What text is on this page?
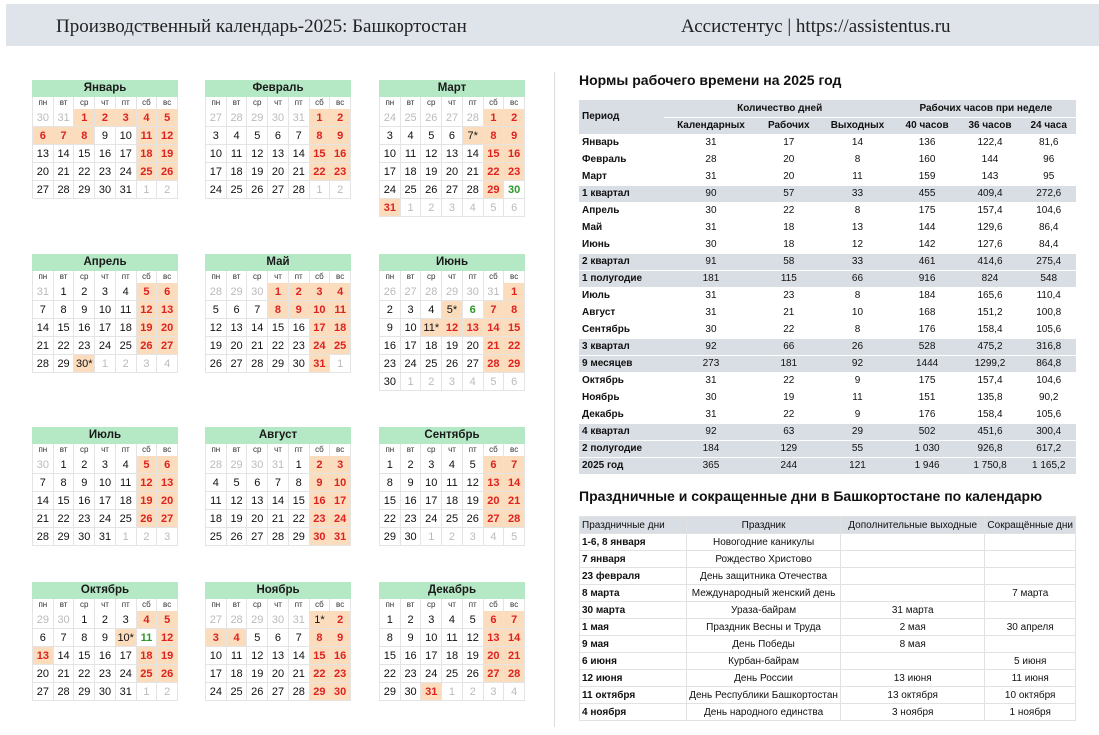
Производственный календарь-2025: Башкортостан	Ассистентус | https://assistentus.ru
Январь
пн	вт	ср	чт	пт	сб	вс
30 31	1	2	3	4	5
6	7	8	9	10 11 12
13 14 15 16 17 18 19
20 21 22 23 24 25 26
27 28 29 30 31	1	2
Февраль
пн	вт	ср	чт	пт	сб	вс
27 28 29 30 31	1	2
3	4	5	6	7	8	9
10 11 12 13 14 15 16
17 18 19 20 21 22 23
24 25 26 27 28	1	2
Март
пн	вт	ср	чт	пт	сб	вс
24 25 26 27 28	1	2
3	4	5	6	7*	8	9
10 11 12 13 14 15 16
17 18 19 20 21 22 23
24 25 26 27 28 29 30
31	1	2	3	4	5	6
Апрель
пн	вт	ср	чт	пт	сб	вс
31	1	2	3	4	5	6
7	8	9	10 11 12 13
14 15 16 17 18 19 20
21 22 23 24 25 26 27
28 29 30* 1	2	3	4
Май
пн	вт	ср	чт	пт	сб	вс
28 29 30	1	2	3	4
5	6	7	8	9	10 11
12 13 14 15 16 17 18
19 20 21 22 23 24 25
26 27 28 29 30 31	1
Июнь
пн	вт	ср	чт	пт	сб	вс
26 27 28 29 30 31	1
2	3	4	5*	6	7	8
9	10 11* 12 13 14 15
16 17 18 19 20 21 22
23 24 25 26 27 28 29
30	1	2	3	4	5	6
Июль
пн	вт	ср	чт	пт	сб	вс
30	1	2	3	4	5	6
7	8	9	10 11 12 13
14 15 16 17 18 19 20
21 22 23 24 25 26 27
28 29 30 31	1	2	3
Август
пн	вт	ср	чт	пт	сб	вс
28 29 30 31	1	2	3
4	5	6	7	8	9	10
11 12 13 14 15 16 17
18 19 20 21 22 23 24
25 26 27 28 29 30 31
Сентябрь
пн	вт	ср	чт	пт	сб	вс
1	2	3	4	5	6	7
8	9	10 11 12 13 14
15 16 17 18 19 20 21
22 23 24 25 26 27 28
29 30	1	2	3	4	5
Октябрь
пн	вт	ср	чт	пт	сб	вс
29 30	1	2	3	4	5
6	7	8	9 10* 11 12
13 14 15 16 17 18 19
20 21 22 23 24 25 26
27 28 29 30 31	1	2
Ноябрь
пн	вт	ср	чт	пт	сб	вс
27 28 29 30 31 1*	2
3	4	5	6	7	8	9
10 11 12 13 14 15 16
17 18 19 20 21 22 23
24 25 26 27 28 29 30
Декабрь
пн	вт	ср	чт	пт	сб	вс
1	2	3	4	5	6	7
8	9	10 11 12 13 14
15 16 17 18 19 20 21
22 23 24 25 26 27 28
29 30 31	1	2	3	4
Нормы рабочего времени на 2025 год
Период	Количество дней			Рабочих часов при неделе		
	Календарных	Рабочих	Выходных	40 часов	36 часов	24 часа
Январь	31	17	14	136	122,4	81,6
Февраль	28	20	8	160	144	96
Март	31	20	11	159	143	95
1 квартал	90	57	33	455	409,4	272,6
Апрель	30	22	8	175	157,4	104,6
Май	31	18	13	144	129,6	86,4
Июнь	30	18	12	142	127,6	84,4
2 квартал	91	58	33	461	414,6	275,4
1 полугодие	181	115	66	916	824	548
Июль	31	23	8	184	165,6	110,4
Август	31	21	10	168	151,2	100,8
Сентябрь	30	22	8	176	158,4	105,6
3 квартал	92	66	26	528	475,2	316,8
9 месяцев	273	181	92	1444	1299,2	864,8
Октябрь	31	22	9	175	157,4	104,6
Ноябрь	30	19	11	151	135,8	90,2
Декабрь	31	22	9	176	158,4	105,6
4 квартал	92	63	29	502	451,6	300,4
2 полугодие	184	129	55	1 030	926,8	617,2
2025 год	365	244	121	1 946	1 750,8	1 165,2
Праздничные и сокращенные дни в Башкортостане по календарю
Праздничные дни	Праздник	Дополнительные выходные	Сокращённые дни
1-6, 8 января	Новогодние каникулы		
7 января	Рождество Христово		
23 февраля	День защитника Отечества		
8 марта	Международный женский день		7 марта
30 марта	Ураза-байрам	31 марта	
1 мая	Праздник Весны и Труда	2 мая	30 апреля
9 мая	День Победы	8 мая	
6 июня	Курбан-байрам		5 июня
12 июня	День России	13 июня	11 июня
11 октября	День Республики Башкортостан	13 октября	10 октября
4 ноября	День народного единства	3 ноября	1 ноября
